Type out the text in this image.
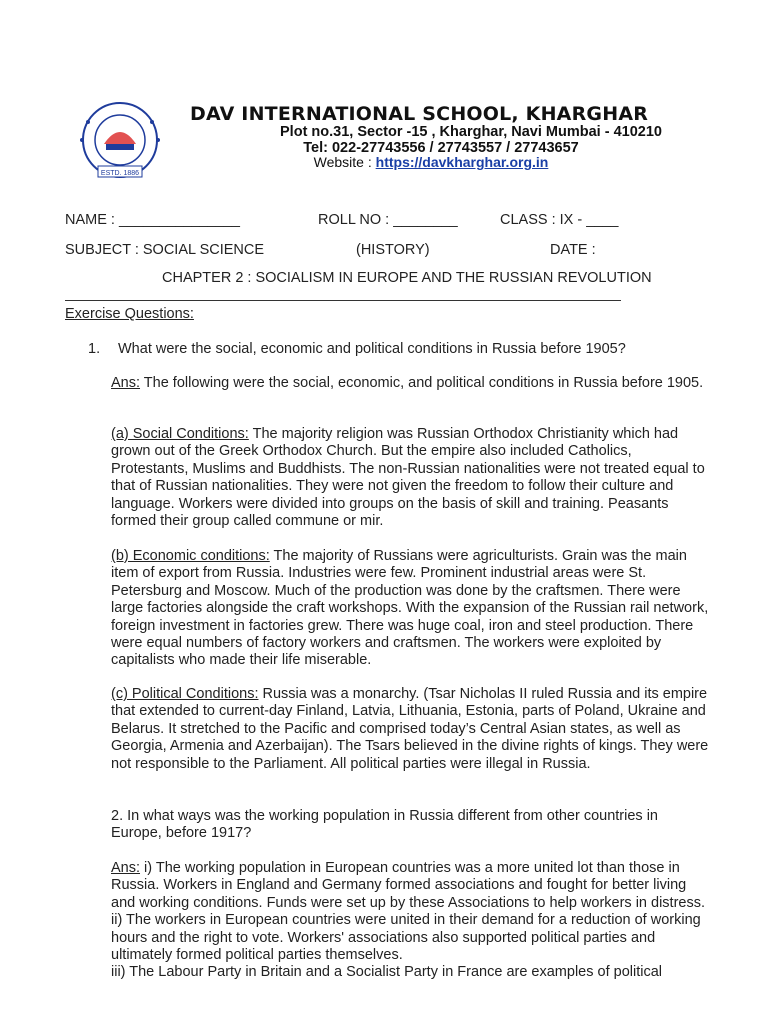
ESTD. 1886
DAV INTERNATIONAL SCHOOL, KHARGHAR
Plot no.31, Sector -15 , Kharghar, Navi Mumbai - 410210
Tel: 022-27743556 / 27743557 / 27743657
Website : https://davkharghar.org.in
NAME : _______________	ROLL NO : ________	CLASS : IX - ____
SUBJECT : SOCIAL SCIENCE	(HISTORY)	DATE :
CHAPTER 2 : SOCIALISM IN EUROPE AND THE RUSSIAN REVOLUTION
Exercise Questions:
1. What were the social, economic and political conditions in Russia before 1905?
Ans: The following were the social, economic, and political conditions in Russia before 1905.
(a) Social Conditions: The majority religion was Russian Orthodox Christianity which had grown out of the Greek Orthodox Church. But the empire also included Catholics, Protestants, Muslims and Buddhists. The non-Russian nationalities were not treated equal to that of Russian nationalities. They were not given the freedom to follow their culture and language. Workers were divided into groups on the basis of skill and training. Peasants formed their group called commune or mir.
(b) Economic conditions: The majority of Russians were agriculturists. Grain was the main item of export from Russia. Industries were few. Prominent industrial areas were St. Petersburg and Moscow. Much of the production was done by the craftsmen. There were large factories alongside the craft workshops. With the expansion of the Russian rail network, foreign investment in factories grew. There was huge coal, iron and steel production. There were equal numbers of factory workers and craftsmen. The workers were exploited by capitalists who made their life miserable.
(c) Political Conditions: Russia was a monarchy. (Tsar Nicholas II ruled Russia and its empire that extended to current-day Finland, Latvia, Lithuania, Estonia, parts of Poland, Ukraine and Belarus. It stretched to the Pacific and comprised today’s Central Asian states, as well as Georgia, Armenia and Azerbaijan). The Tsars believed in the divine rights of kings. They were not responsible to the Parliament. All political parties were illegal in Russia.
2. In what ways was the working population in Russia different from other countries in Europe, before 1917?
Ans: i) The working population in European countries was a more united lot than those in Russia. Workers in England and Germany formed associations and fought for better living and working conditions. Funds were set up by these Associations to help workers in distress.
ii) The workers in European countries were united in their demand for a reduction of working hours and the right to vote. Workers' associations also supported political parties and ultimately formed political parties themselves.
iii) The Labour Party in Britain and a Socialist Party in France are examples of political
